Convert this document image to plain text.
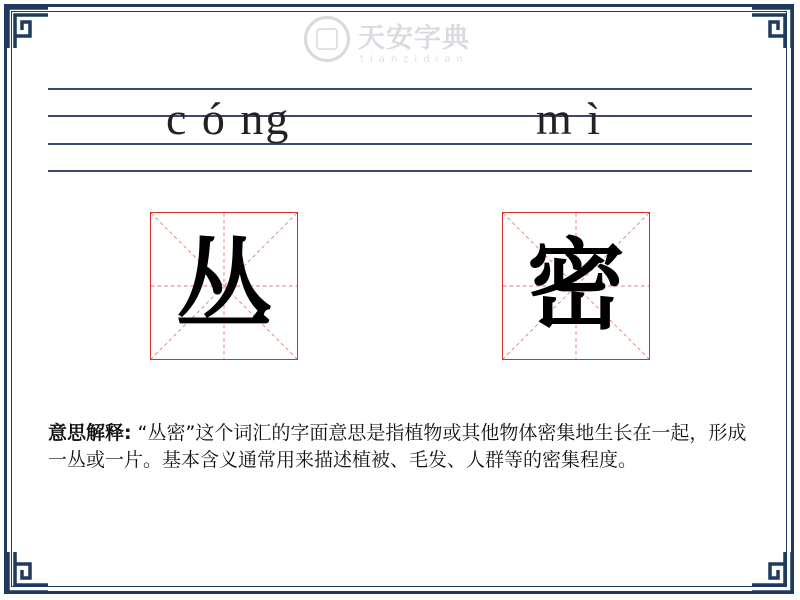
天安字典
tianzidian
c ó ng	m ì
丛	密
意思解释: “丛密”这个词汇的字面意思是指植物或其他物体密集地生长在一起，形成一丛或一片。基本含义通常用来描述植被、毛发、人群等的密集程度。
